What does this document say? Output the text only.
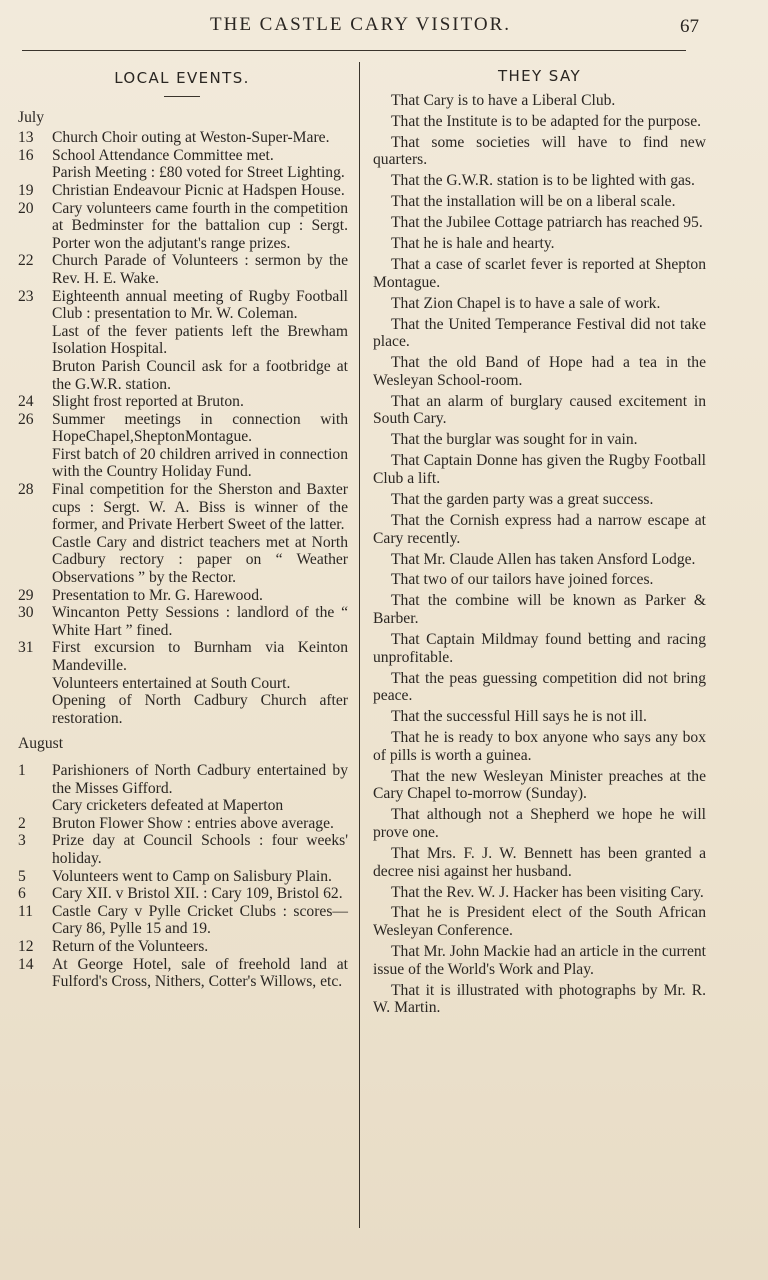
THE CASTLE CARY VISITOR.	67
LOCAL EVENTS.
July
13	Church Choir outing at Weston-Super-Mare.
16	School Attendance Committee met.
Parish Meeting : £80 voted for Street Lighting.
19	Christian Endeavour Picnic at Hadspen House.
20	Cary volunteers came fourth in the competition at Bedminster for the battalion cup : Sergt. Porter won the adjutant's range prizes.
22	Church Parade of Volunteers : sermon by the Rev. H. E. Wake.
23	Eighteenth annual meeting of Rugby Football Club : presentation to Mr. W. Coleman.
Last of the fever patients left the Brewham Isolation Hospital.
Bruton Parish Council ask for a footbridge at the G.W.R. station.
24	Slight frost reported at Bruton.
26	Summer meetings in connection with HopeChapel,SheptonMontague.
First batch of 20 children arrived in connection with the Country Holiday Fund.
28	Final competition for the Sherston and Baxter cups : Sergt. W. A. Biss is winner of the former, and Private Herbert Sweet of the latter.
Castle Cary and district teachers met at North Cadbury rectory : paper on “ Weather Observations ” by the Rector.
29	Presentation to Mr. G. Harewood.
30	Wincanton Petty Sessions : landlord of the “ White Hart ” fined.
31	First excursion to Burnham via Keinton Mandeville.
Volunteers entertained at South Court.
Opening of North Cadbury Church after restoration.
August
1	Parishioners of North Cadbury entertained by the Misses Gifford.
Cary cricketers defeated at Maperton
2	Bruton Flower Show : entries above average.
3	Prize day at Council Schools : four weeks' holiday.
5	Volunteers went to Camp on Salisbury Plain.
6	Cary XII. v Bristol XII. : Cary 109, Bristol 62.
11	Castle Cary v Pylle Cricket Clubs : scores—Cary 86, Pylle 15 and 19.
12	Return of the Volunteers.
14	At George Hotel, sale of freehold land at Fulford's Cross, Nithers, Cotter's Willows, etc.
THEY SAY
That Cary is to have a Liberal Club.
That the Institute is to be adapted for the purpose.
That some societies will have to find new quarters.
That the G.W.R. station is to be lighted with gas.
That the installation will be on a liberal scale.
That the Jubilee Cottage patriarch has reached 95.
That he is hale and hearty.
That a case of scarlet fever is reported at Shepton Montague.
That Zion Chapel is to have a sale of work.
That the United Temperance Festival did not take place.
That the old Band of Hope had a tea in the Wesleyan School-room.
That an alarm of burglary caused excitement in South Cary.
That the burglar was sought for in vain.
That Captain Donne has given the Rugby Football Club a lift.
That the garden party was a great success.
That the Cornish express had a narrow escape at Cary recently.
That Mr. Claude Allen has taken Ansford Lodge.
That two of our tailors have joined forces.
That the combine will be known as Parker & Barber.
That Captain Mildmay found betting and racing unprofitable.
That the peas guessing competition did not bring peace.
That the successful Hill says he is not ill.
That he is ready to box anyone who says any box of pills is worth a guinea.
That the new Wesleyan Minister preaches at the Cary Chapel to-morrow (Sunday).
That although not a Shepherd we hope he will prove one.
That Mrs. F. J. W. Bennett has been granted a decree nisi against her husband.
That the Rev. W. J. Hacker has been visiting Cary.
That he is President elect of the South African Wesleyan Conference.
That Mr. John Mackie had an article in the current issue of the World's Work and Play.
That it is illustrated with photographs by Mr. R. W. Martin.
